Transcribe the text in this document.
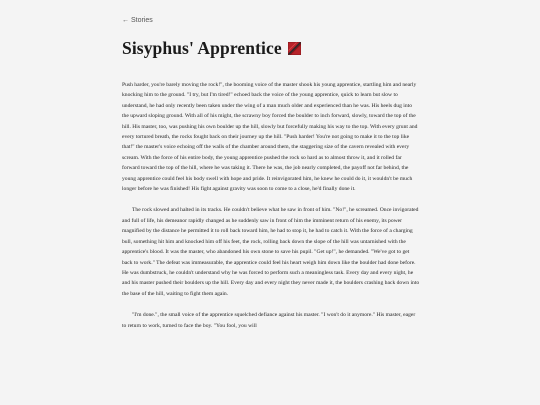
← Stories
Sisyphus' Apprentice

Push harder, you're barely moving the rock!", the booming voice of the master shook his young apprentice, startling him and nearly knocking him to the ground. "I try, but I'm tired!" echoed back the voice of the young apprentice, quick to learn but slow to understand, he had only recently been taken under the wing of a man much older and experienced than he was. His heels dug into the upward sloping ground. With all of his might, the scrawny boy forced the boulder to inch forward, slowly, toward the top of the hill. His master, too, was pushing his own boulder up the hill, slowly but forcefully making his way to the top. With every grunt and every tortured breath, the rocks fought back on their journey up the hill. "Push harder! You're not going to make it to the top like that!" the master's voice echoing off the walls of the chamber around them, the staggering size of the cavern revealed with every scream. With the force of his entire body, the young apprentice pushed the rock so hard as to almost throw it, and it rolled far forward toward the top of the hill, where he was taking it. There he was, the job nearly completed, the payoff not far behind, the young apprentice could feel his body swell with hope and pride. It reinvigorated him, he knew he could do it, it wouldn't be much longer before he was finished! His fight against gravity was soon to come to a close, he'd finally done it.

The rock slowed and halted in its tracks. He couldn't believe what he saw in front of him. "No!", he screamed. Once invigorated and full of life, his demeanor rapidly changed as he suddenly saw in front of him the imminent return of his enemy, its power magnified by the distance he permitted it to roll back toward him, he had to stop it, he had to catch it. With the force of a charging bull, something hit him and knocked him off his feet, the rock, rolling back down the slope of the hill was untarnished with the apprentice's blood. It was the master, who abandoned his own stone to save his pupil. "Get up!", he demanded. "We've got to get back to work." The defeat was immeasurable, the apprentice could feel his heart weigh him down like the boulder had done before. He was dumbstruck, he couldn't understand why he was forced to perform such a meaningless task. Every day and every night, he and his master pushed their boulders up the hill. Every day and every night they never made it, the boulders crashing back down into the base of the hill, waiting to fight them again.

"I'm done.", the small voice of the apprentice squelched defiance against his master. "I won't do it anymore." His master, eager to return to work, turned to face the boy. "You fool, you will
